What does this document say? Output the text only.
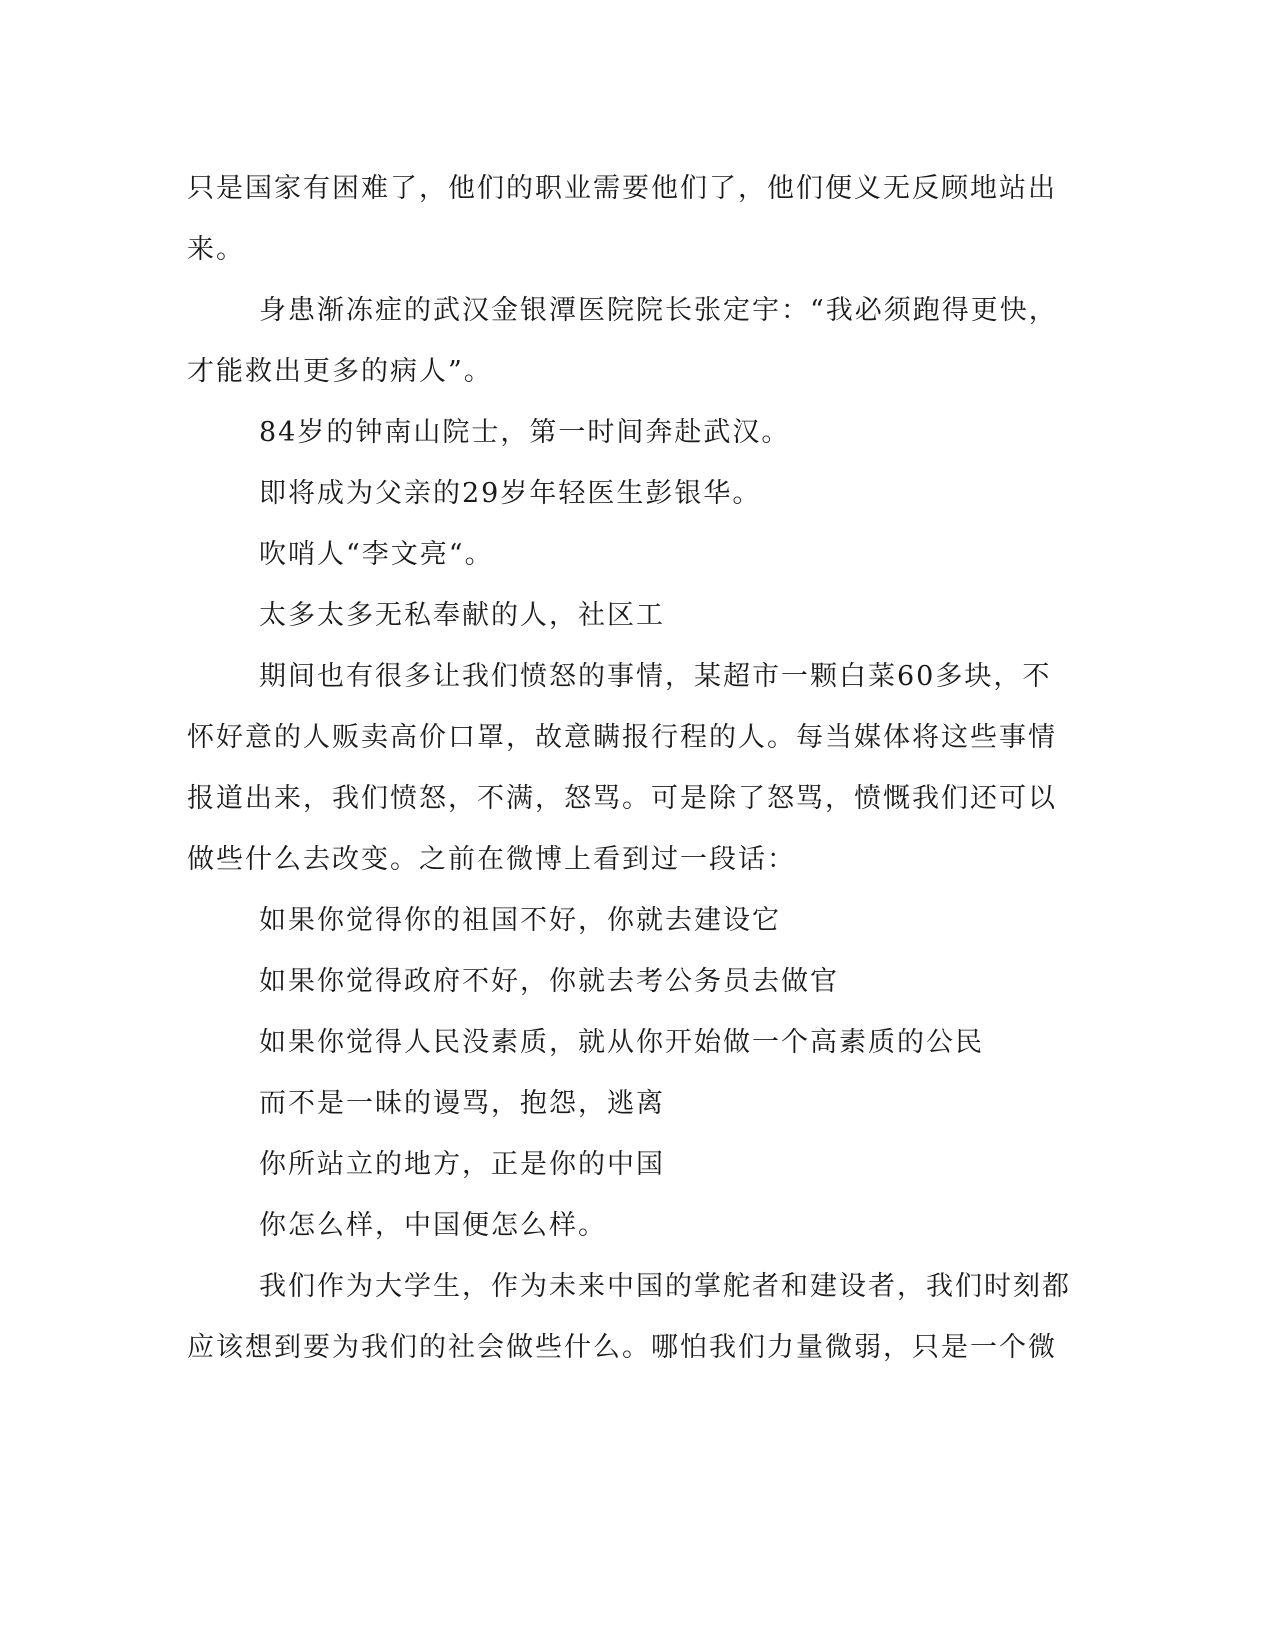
只是国家有困难了，他们的职业需要他们了，他们便义无反顾地站出来。

身患渐冻症的武汉金银潭医院院长张定宇：“我必须跑得更快，才能救出更多的病人”。

84岁的钟南山院士，第一时间奔赴武汉。

即将成为父亲的29岁年轻医生彭银华。

吹哨人“李文亮“。

太多太多无私奉献的人，社区工

期间也有很多让我们愤怒的事情，某超市一颗白菜60多块，不怀好意的人贩卖高价口罩，故意瞒报行程的人。每当媒体将这些事情报道出来，我们愤怒，不满，怒骂。可是除了怒骂，愤慨我们还可以做些什么去改变。之前在微博上看到过一段话：

如果你觉得你的祖国不好，你就去建设它

如果你觉得政府不好，你就去考公务员去做官

如果你觉得人民没素质，就从你开始做一个高素质的公民

而不是一昧的谩骂，抱怨，逃离

你所站立的地方，正是你的中国

你怎么样，中国便怎么样。

我们作为大学生，作为未来中国的掌舵者和建设者，我们时刻都应该想到要为我们的社会做些什么。哪怕我们力量微弱，只是一个微
